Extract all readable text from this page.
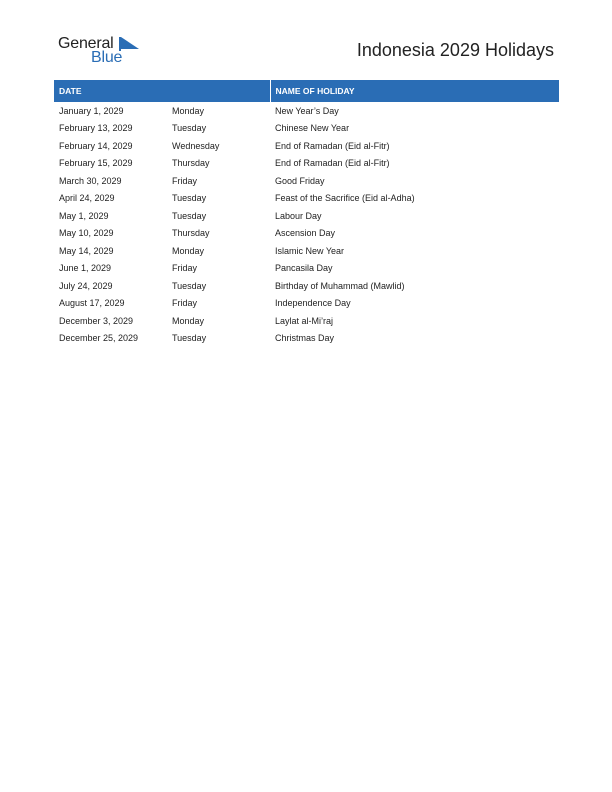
General
Blue	Indonesia 2029 Holidays
DATE		NAME OF HOLIDAY
January 1, 2029	Monday	New Year’s Day
February 13, 2029	Tuesday	Chinese New Year
February 14, 2029	Wednesday	End of Ramadan (Eid al-Fitr)
February 15, 2029	Thursday	End of Ramadan (Eid al-Fitr)
March 30, 2029	Friday	Good Friday
April 24, 2029	Tuesday	Feast of the Sacrifice (Eid al-Adha)
May 1, 2029	Tuesday	Labour Day
May 10, 2029	Thursday	Ascension Day
May 14, 2029	Monday	Islamic New Year
June 1, 2029	Friday	Pancasila Day
July 24, 2029	Tuesday	Birthday of Muhammad (Mawlid)
August 17, 2029	Friday	Independence Day
December 3, 2029	Monday	Laylat al-Mi’raj
December 25, 2029	Tuesday	Christmas Day
